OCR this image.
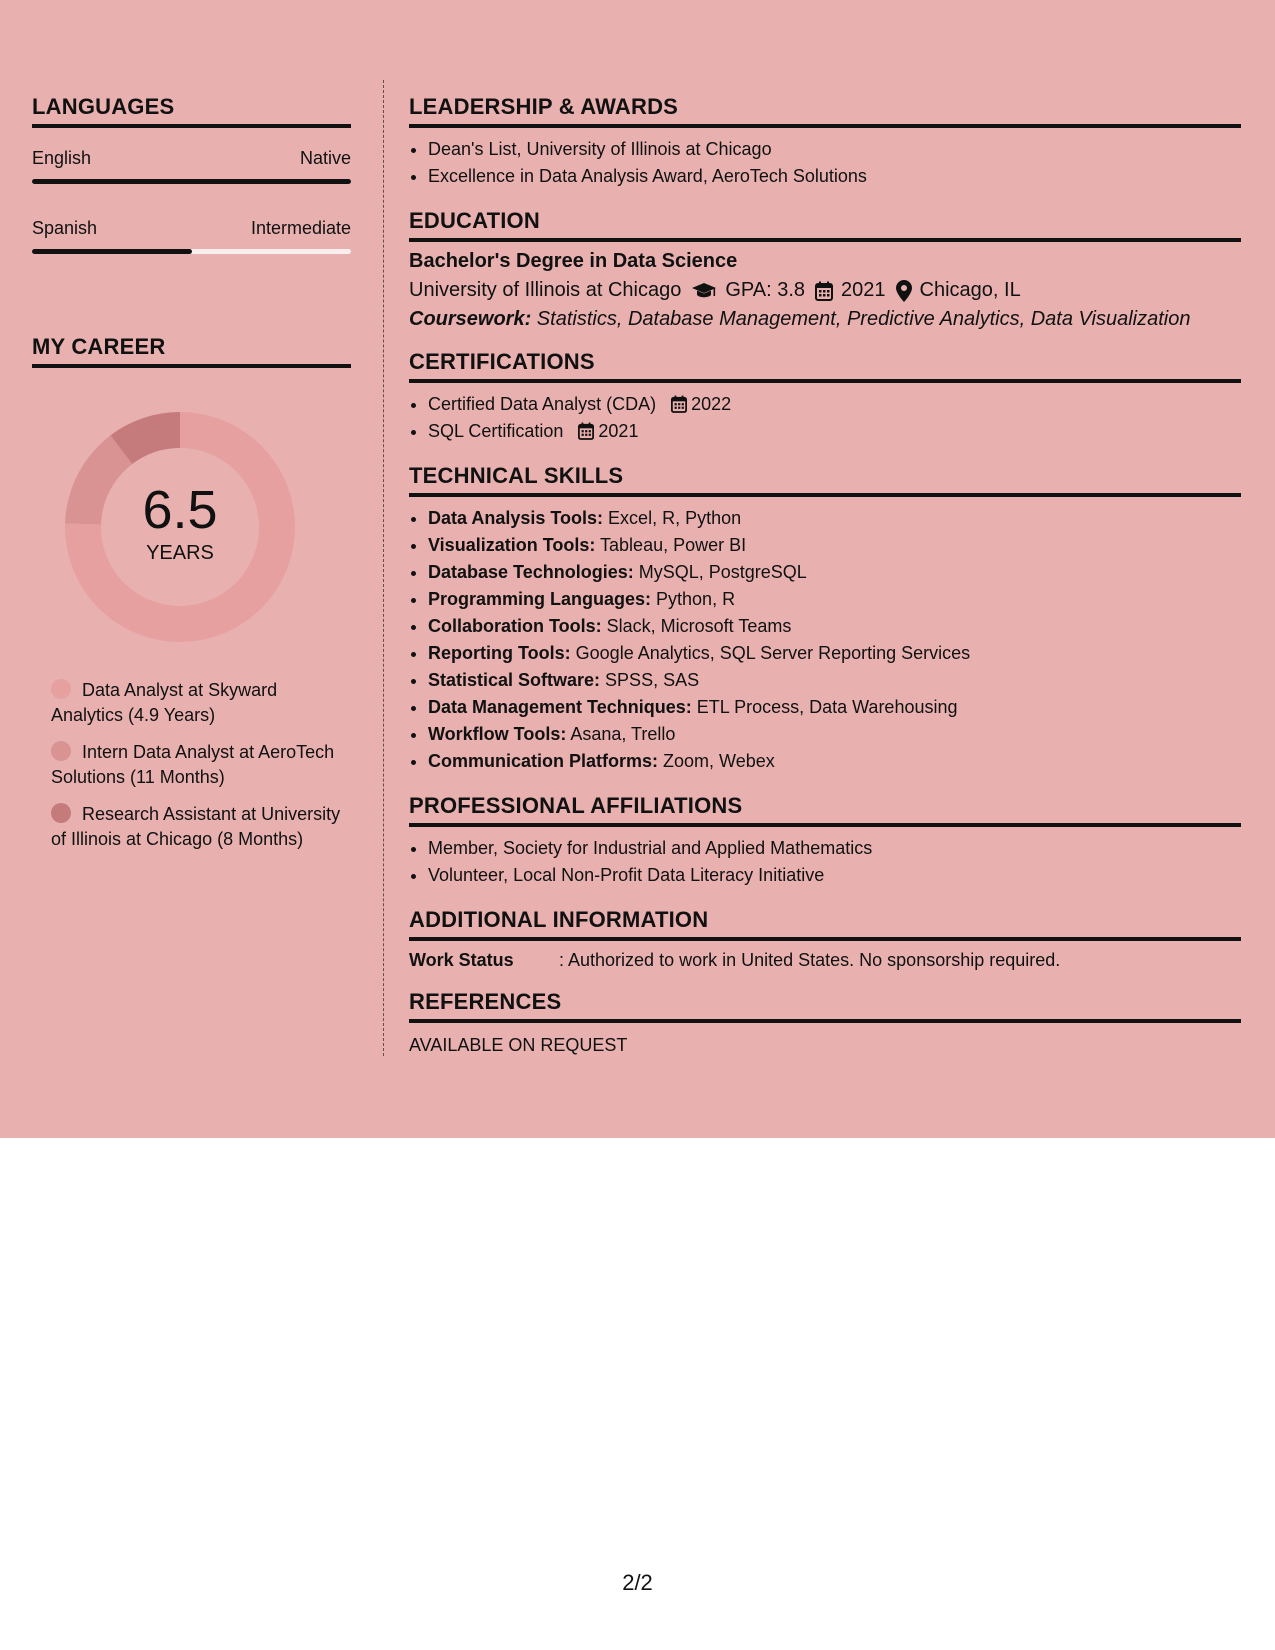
LANGUAGES
English	Native
Spanish	Intermediate
MY CAREER
6.5
YEARS
Data Analyst at Skyward Analytics (4.9 Years)
Intern Data Analyst at AeroTech Solutions (11 Months)
Research Assistant at University of Illinois at Chicago (8 Months)
LEADERSHIP & AWARDS
• Dean's List, University of Illinois at Chicago
• Excellence in Data Analysis Award, AeroTech Solutions
EDUCATION
Bachelor's Degree in Data Science
University of Illinois at Chicago GPA: 3.8 2021 Chicago, IL
Coursework: Statistics, Database Management, Predictive Analytics, Data Visualization
CERTIFICATIONS
• Certified Data Analyst (CDA) 2022
• SQL Certification 2021
TECHNICAL SKILLS
• Data Analysis Tools: Excel, R, Python
• Visualization Tools: Tableau, Power BI
• Database Technologies: MySQL, PostgreSQL
• Programming Languages: Python, R
• Collaboration Tools: Slack, Microsoft Teams
• Reporting Tools: Google Analytics, SQL Server Reporting Services
• Statistical Software: SPSS, SAS
• Data Management Techniques: ETL Process, Data Warehousing
• Workflow Tools: Asana, Trello
• Communication Platforms: Zoom, Webex
PROFESSIONAL AFFILIATIONS
• Member, Society for Industrial and Applied Mathematics
• Volunteer, Local Non-Profit Data Literacy Initiative
ADDITIONAL INFORMATION
Work Status	: Authorized to work in United States. No sponsorship required.
REFERENCES
AVAILABLE ON REQUEST
2/2
